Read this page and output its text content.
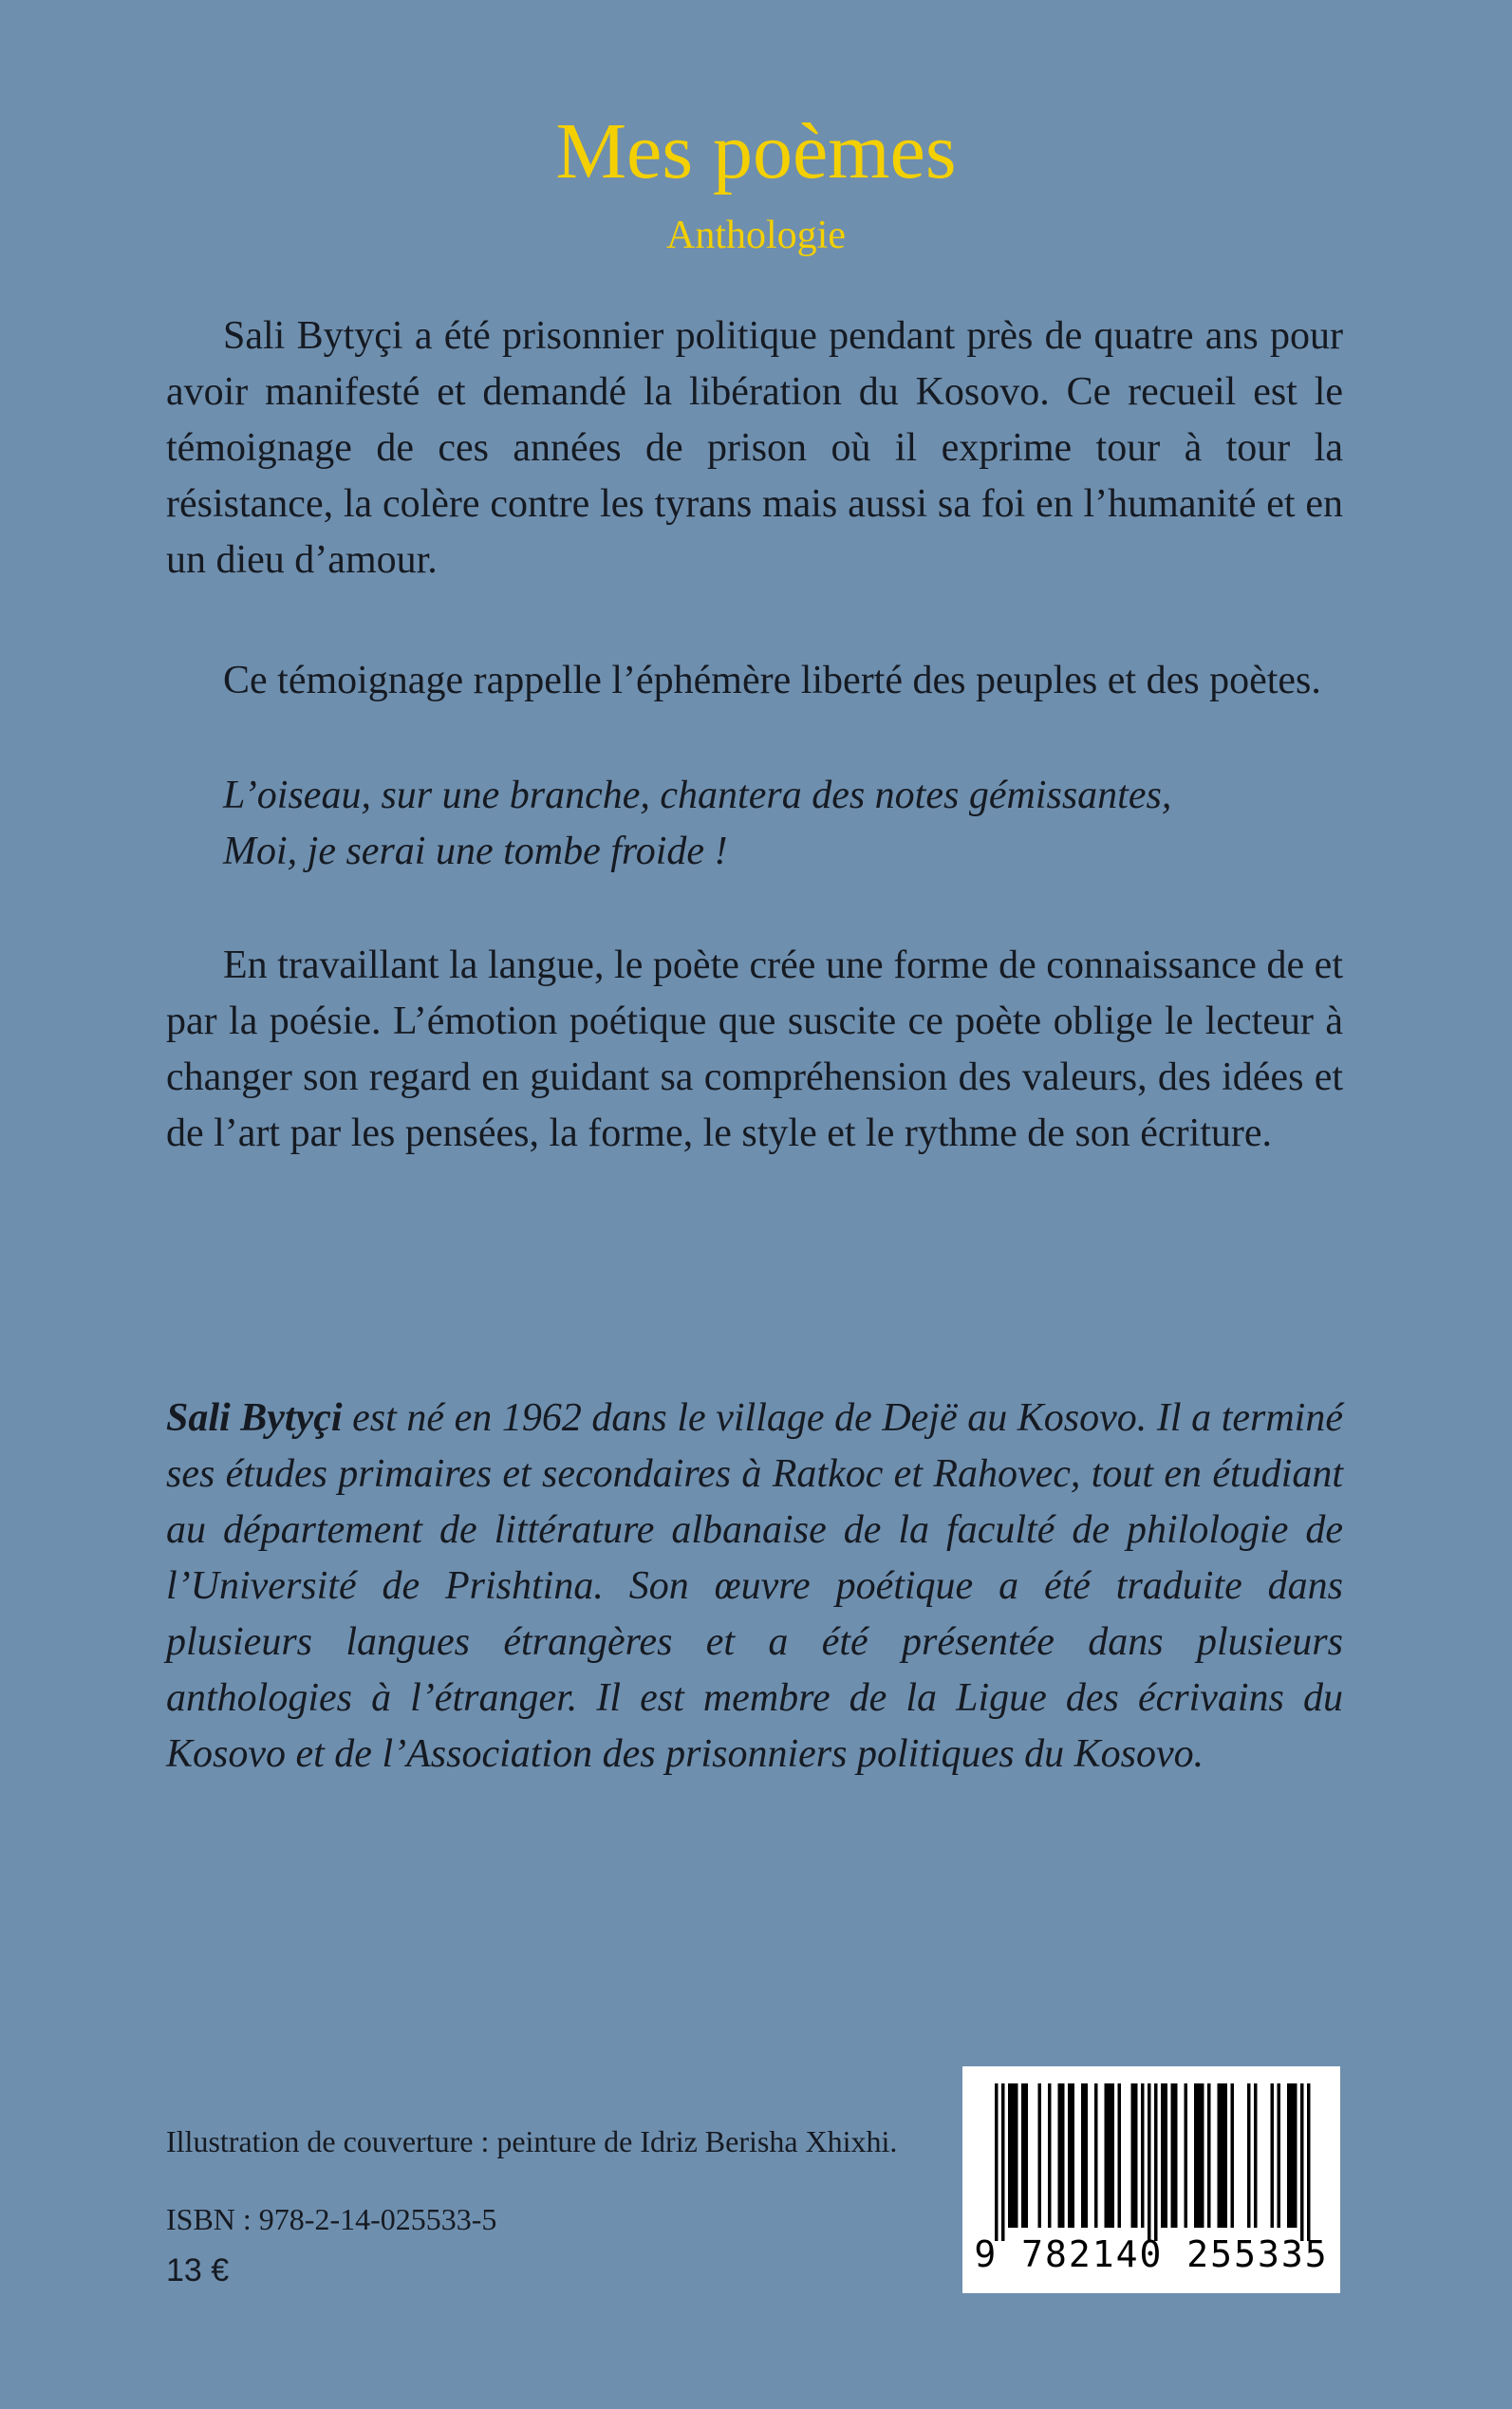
Mes poèmes
Anthologie

Sali Bytyçi a été prisonnier politique pendant près de quatre ans pour avoir manifesté et demandé la libération du Kosovo. Ce recueil est le témoignage de ces années de prison où il exprime tour à tour la résistance, la colère contre les tyrans mais aussi sa foi en l’humanité et en un dieu d’amour.

Ce témoignage rappelle l’éphémère liberté des peuples et des poètes.

L’oiseau, sur une branche, chantera des notes gémissantes,
Moi, je serai une tombe froide !

En travaillant la langue, le poète crée une forme de connaissance de et par la poésie. L’émotion poétique que suscite ce poète oblige le lecteur à changer son regard en guidant sa compréhension des valeurs, des idées et de l’art par les pensées, la forme, le style et le rythme de son écriture.

Sali Bytyçi est né en 1962 dans le village de Dejë au Kosovo. Il a terminé ses études primaires et secondaires à Ratkoc et Rahovec, tout en étudiant au département de littérature albanaise de la faculté de philologie de l’Université de Prishtina. Son œuvre poétique a été traduite dans plusieurs langues étrangères et a été présentée dans plusieurs anthologies à l’étranger. Il est membre de la Ligue des écrivains du Kosovo et de l’Association des prisonniers politiques du Kosovo.

Illustration de couverture : peinture de Idriz Berisha Xhixhi.
ISBN : 978-2-14-025533-5
13 €	9 782140 255335
